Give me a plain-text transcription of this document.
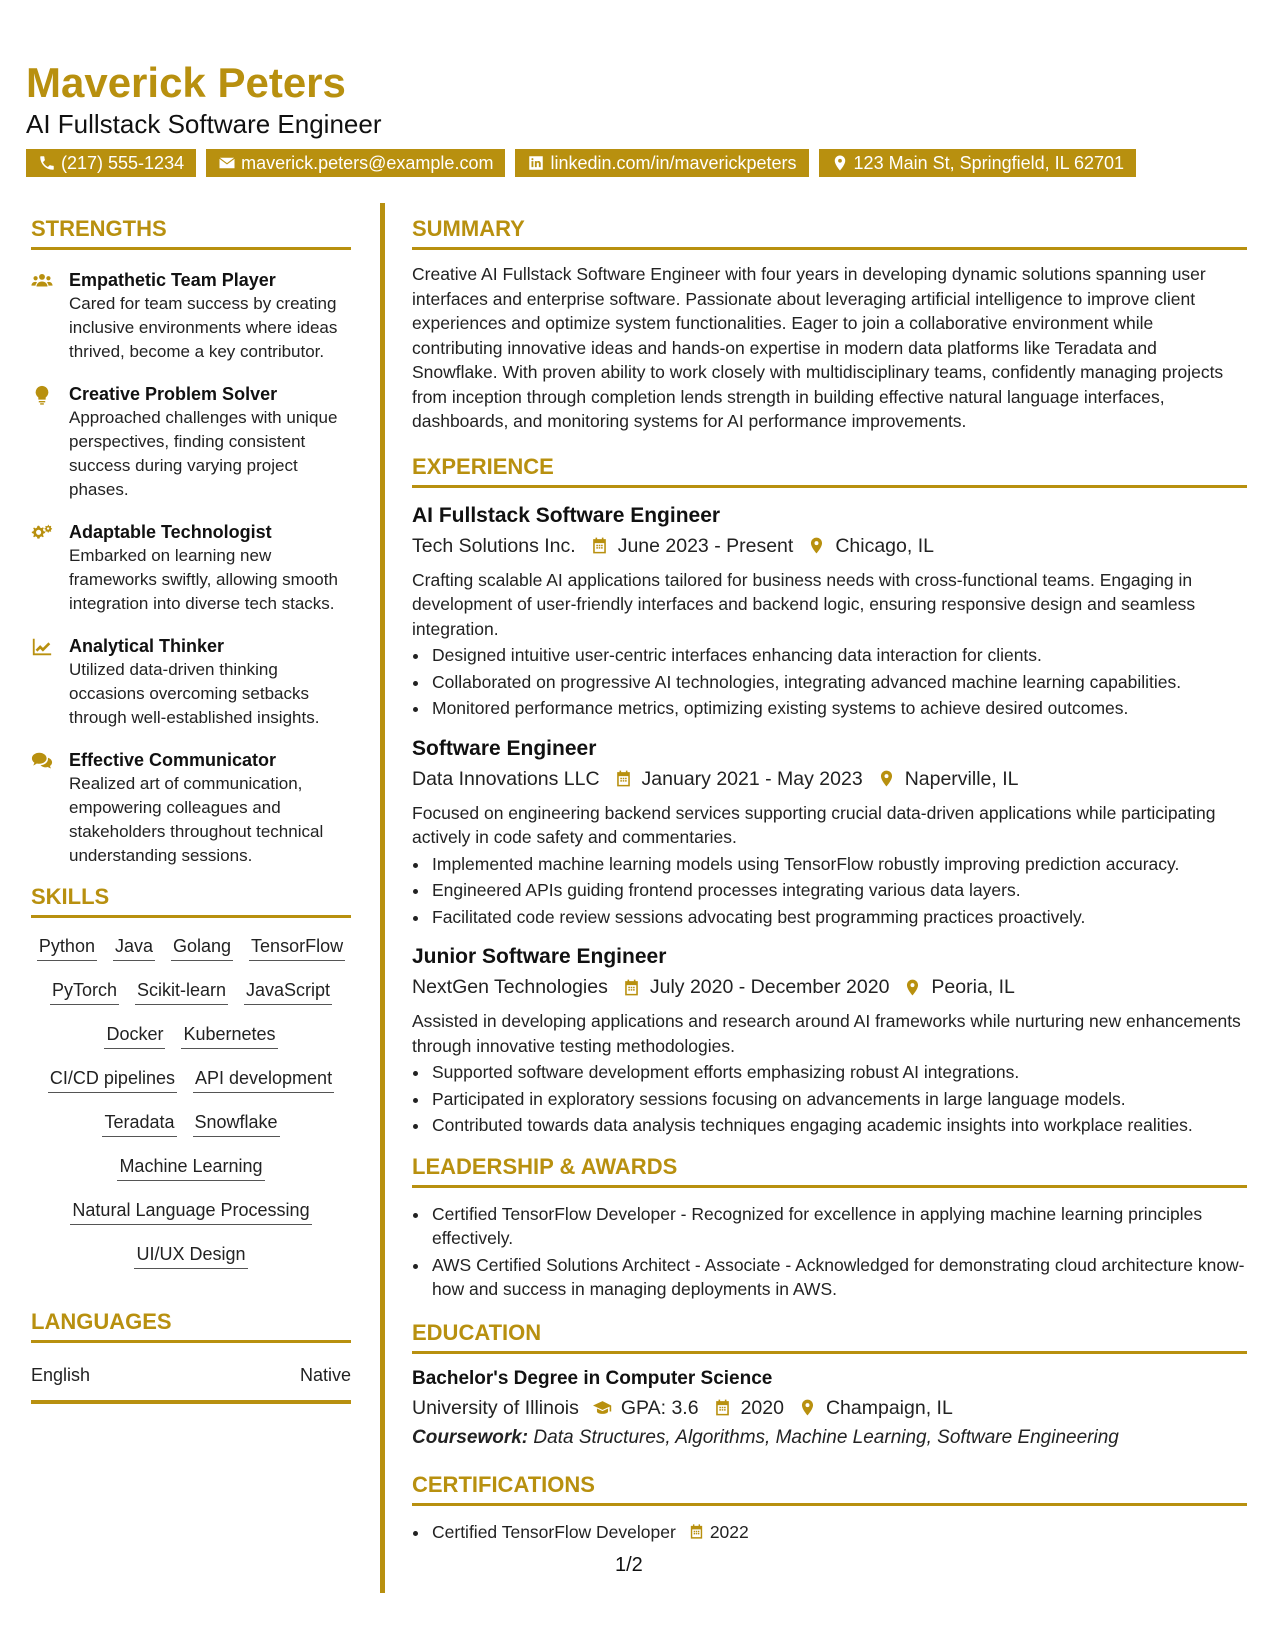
Maverick Peters
AI Fullstack Software Engineer
(217) 555-1234	maverick.peters@example.com	linkedin.com/in/maverickpeters	123 Main St, Springfield, IL 62701
STRENGTHS
Empathetic Team Player
Cared for team success by creating inclusive environments where ideas thrived, become a key contributor.
Creative Problem Solver
Approached challenges with unique perspectives, finding consistent success during varying project phases.
Adaptable Technologist
Embarked on learning new frameworks swiftly, allowing smooth integration into diverse tech stacks.
Analytical Thinker
Utilized data-driven thinking occasions overcoming setbacks through well-established insights.
Effective Communicator
Realized art of communication, empowering colleagues and stakeholders throughout technical understanding sessions.
SKILLS
Python Java Golang TensorFlow
PyTorch Scikit-learn JavaScript
Docker Kubernetes
CI/CD pipelines API development
Teradata Snowflake
Machine Learning
Natural Language Processing
UI/UX Design
LANGUAGES
English	Native
SUMMARY
Creative AI Fullstack Software Engineer with four years in developing dynamic solutions spanning user interfaces and enterprise software. Passionate about leveraging artificial intelligence to improve client experiences and optimize system functionalities. Eager to join a collaborative environment while contributing innovative ideas and hands-on expertise in modern data platforms like Teradata and Snowflake. With proven ability to work closely with multidisciplinary teams, confidently managing projects from inception through completion lends strength in building effective natural language interfaces, dashboards, and monitoring systems for AI performance improvements.
EXPERIENCE
AI Fullstack Software Engineer
Tech Solutions Inc. June 2023 - Present Chicago, IL
Crafting scalable AI applications tailored for business needs with cross-functional teams. Engaging in development of user-friendly interfaces and backend logic, ensuring responsive design and seamless integration.
• Designed intuitive user-centric interfaces enhancing data interaction for clients.
• Collaborated on progressive AI technologies, integrating advanced machine learning capabilities.
• Monitored performance metrics, optimizing existing systems to achieve desired outcomes.
Software Engineer
Data Innovations LLC January 2021 - May 2023 Naperville, IL
Focused on engineering backend services supporting crucial data-driven applications while participating actively in code safety and commentaries.
• Implemented machine learning models using TensorFlow robustly improving prediction accuracy.
• Engineered APIs guiding frontend processes integrating various data layers.
• Facilitated code review sessions advocating best programming practices proactively.
Junior Software Engineer
NextGen Technologies July 2020 - December 2020 Peoria, IL
Assisted in developing applications and research around AI frameworks while nurturing new enhancements through innovative testing methodologies.
• Supported software development efforts emphasizing robust AI integrations.
• Participated in exploratory sessions focusing on advancements in large language models.
• Contributed towards data analysis techniques engaging academic insights into workplace realities.
LEADERSHIP & AWARDS
• Certified TensorFlow Developer - Recognized for excellence in applying machine learning principles effectively.
• AWS Certified Solutions Architect - Associate - Acknowledged for demonstrating cloud architecture know-how and success in managing deployments in AWS.
EDUCATION
Bachelor's Degree in Computer Science
University of Illinois GPA: 3.6 2020 Champaign, IL
Coursework: Data Structures, Algorithms, Machine Learning, Software Engineering
CERTIFICATIONS
• Certified TensorFlow Developer 2022
1/2
